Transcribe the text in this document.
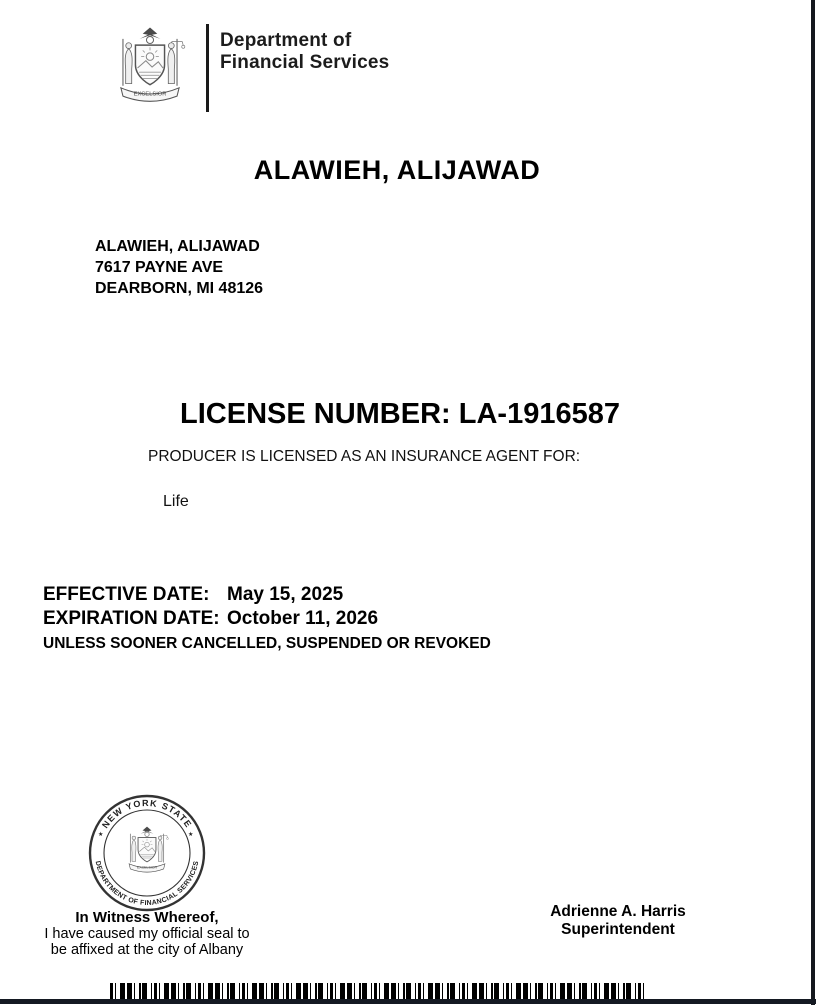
Department of
Financial Services
ALAWIEH, ALIJAWAD
ALAWIEH, ALIJAWAD
7617 PAYNE AVE
DEARBORN, MI 48126
LICENSE NUMBER: LA-1916587
PRODUCER IS LICENSED AS AN INSURANCE AGENT FOR:
Life
EFFECTIVE DATE: May 15, 2025
EXPIRATION DATE: October 11, 2026
UNLESS SOONER CANCELLED, SUSPENDED OR REVOKED
NEW YORK STATE
DEPARTMENT OF FINANCIAL SERVICES
★	★
In Witness Whereof,
I have caused my official seal to
be affixed at the city of Albany
Adrienne A. Harris
Superintendent
